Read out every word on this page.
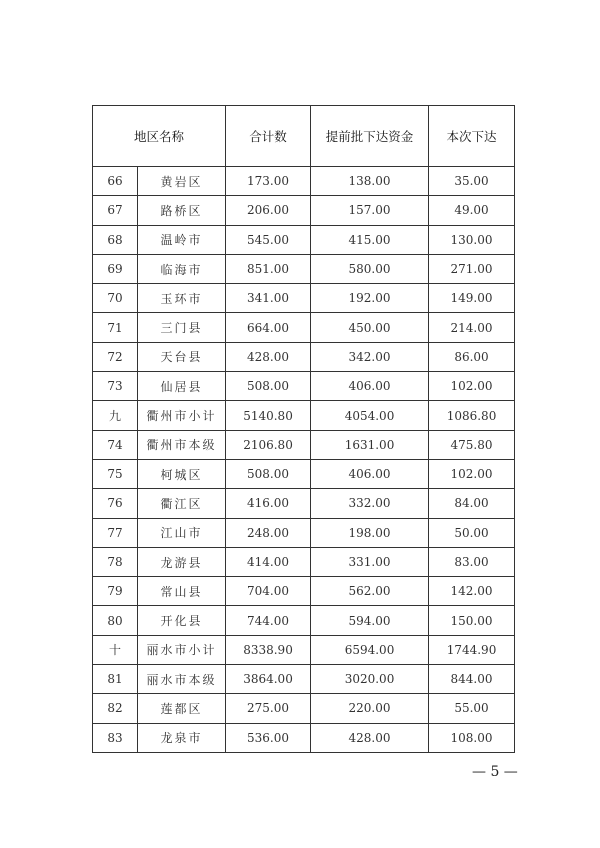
地区名称		合计数	提前批下达资金	本次下达
66	黄岩区	173.00	138.00	35.00
67	路桥区	206.00	157.00	49.00
68	温岭市	545.00	415.00	130.00
69	临海市	851.00	580.00	271.00
70	玉环市	341.00	192.00	149.00
71	三门县	664.00	450.00	214.00
72	天台县	428.00	342.00	86.00
73	仙居县	508.00	406.00	102.00
九	衢州市小计	5140.80	4054.00	1086.80
74	衢州市本级	2106.80	1631.00	475.80
75	柯城区	508.00	406.00	102.00
76	衢江区	416.00	332.00	84.00
77	江山市	248.00	198.00	50.00
78	龙游县	414.00	331.00	83.00
79	常山县	704.00	562.00	142.00
80	开化县	744.00	594.00	150.00
十	丽水市小计	8338.90	6594.00	1744.90
81	丽水市本级	3864.00	3020.00	844.00
82	莲都区	275.00	220.00	55.00
83	龙泉市	536.00	428.00	108.00
— 5 —
